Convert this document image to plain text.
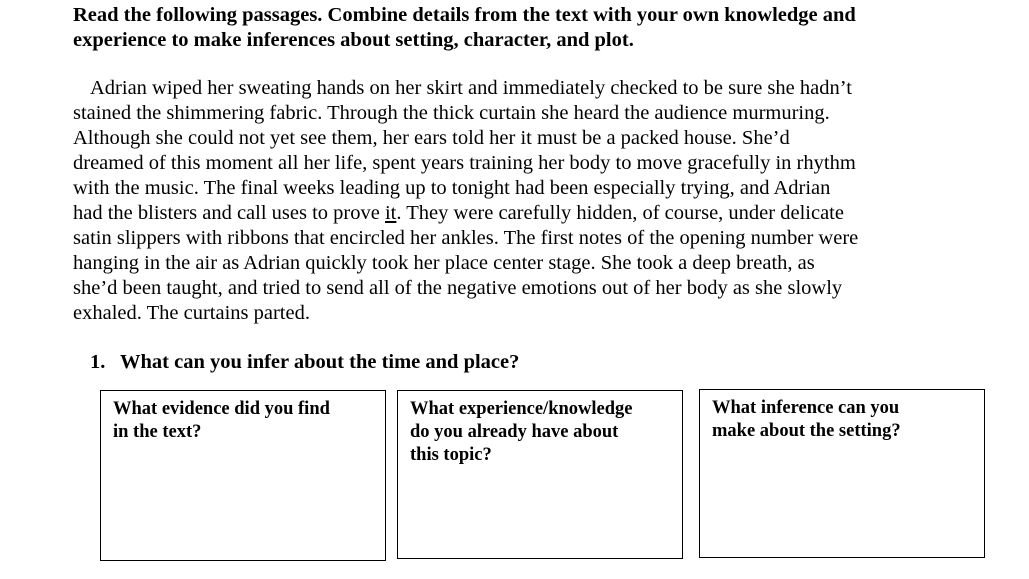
Read the following passages. Combine details from the text with your own knowledge and
experience to make inferences about setting, character, and plot.
Adrian wiped her sweating hands on her skirt and immediately checked to be sure she hadn’t
stained the shimmering fabric. Through the thick curtain she heard the audience murmuring.
Although she could not yet see them, her ears told her it must be a packed house. She’d
dreamed of this moment all her life, spent years training her body to move gracefully in rhythm
with the music. The final weeks leading up to tonight had been especially trying, and Adrian
had the blisters and call uses to prove it. They were carefully hidden, of course, under delicate
satin slippers with ribbons that encircled her ankles. The first notes of the opening number were
hanging in the air as Adrian quickly took her place center stage. She took a deep breath, as
she’d been taught, and tried to send all of the negative emotions out of her body as she slowly
exhaled. The curtains parted.
1. What can you infer about the time and place?
What evidence did you find
in the text?
What experience/knowledge
do you already have about
this topic?
What inference can you
make about the setting?
